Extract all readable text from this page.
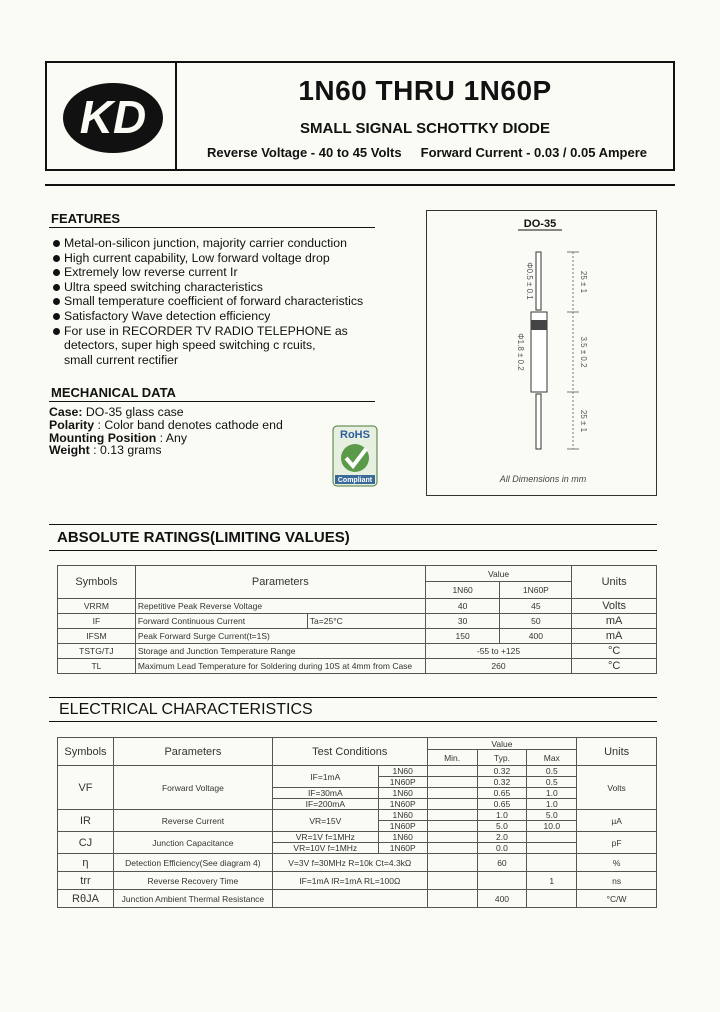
KD
1N60 THRU 1N60P
SMALL SIGNAL SCHOTTKY DIODE
Reverse Voltage - 40 to 45 Volts Forward Current - 0.03 / 0.05 Ampere
FEATURES
Metal-on-silicon junction, majority carrier conduction
High current capability, Low forward voltage drop
Extremely low reverse current Ir
Ultra speed switching characteristics
Small temperature coefficient of forward characteristics
Satisfactory Wave detection efficiency
For use in RECORDER TV RADIO TELEPHONE as
detectors, super high speed switching c rcuits,
small current rectifier
MECHANICAL DATA
Case: DO-35 glass case
Polarity : Color band denotes cathode end
Mounting Position : Any
Weight : 0.13 grams
RoHS
Compliant
DO-35
Φ0.5 ± 0.1
Φ1.8 ± 0.2
25 ± 1
3.5 ± 0.2
25 ± 1
All Dimensions in mm
ABSOLUTE RATINGS(LIMITING VALUES)
Symbols	Parameters		Value		Units
			1N60	1N60P	
VRRM	Repetitive Peak Reverse Voltage		40	45	Volts
IF	Forward Continuous Current	Ta=25°C	30	50	mA
IFSM	Peak Forward Surge Current(t=1S)		150	400	mA
TSTG/TJ	Storage and Junction Temperature Range		-55 to +125		°C
TL	Maximum Lead Temperature for Soldering during 10S at 4mm from Case		260		°C
ELECTRICAL CHARACTERISTICS
Symbols	Parameters	Test Conditions		Value			Units
				Min.	Typ.	Max	
VF	Forward Voltage	IF=1mA	1N60		0.32	0.5	Volts
			1N60P		0.32	0.5	
		IF=30mA	1N60		0.65	1.0	
		IF=200mA	1N60P		0.65	1.0	
IR	Reverse Current	VR=15V	1N60		1.0	5.0	µA
			1N60P		5.0	10.0	
CJ	Junction Capacitance	VR=1V f=1MHz	1N60		2.0		pF
		VR=10V f=1MHz	1N60P		0.0		
η	Detection Efficiency(See diagram 4)	V=3V f=30MHz R=10k Ct=4.3kΩ			60		%
trr	Reverse Recovery Time	IF=1mA IR=1mA RL=100Ω				1	ns
RθJA	Junction Ambient Thermal Resistance				400		°C/W
